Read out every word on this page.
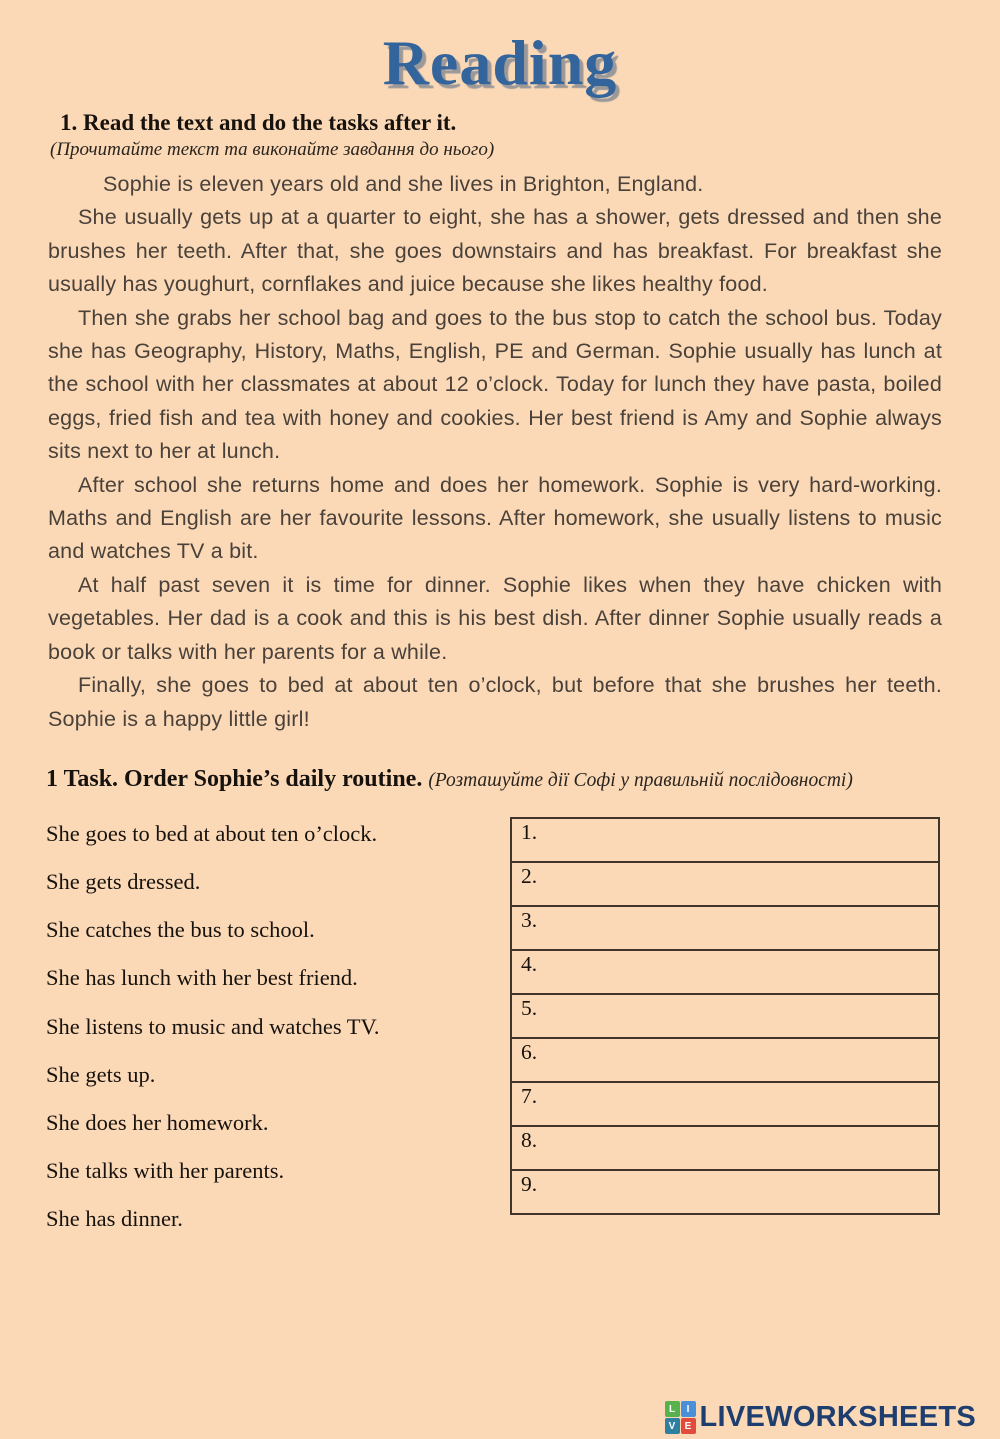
Reading
1. Read the text and do the tasks after it.
(Прочитайте текст та виконайте завдання до нього)

Sophie is eleven years old and she lives in Brighton, England.

She usually gets up at a quarter to eight, she has a shower, gets dressed and then she brushes her teeth. After that, she goes downstairs and has breakfast. For breakfast she usually has youghurt, cornflakes and juice because she likes healthy food.

Then she grabs her school bag and goes to the bus stop to catch the school bus. Today she has Geography, History, Maths, English, PE and German. Sophie usually has lunch at the school with her classmates at about 12 o’clock. Today for lunch they have pasta, boiled eggs, fried fish and tea with honey and cookies. Her best friend is Amy and Sophie always sits next to her at lunch.

After school she returns home and does her homework. Sophie is very hard-working. Maths and English are her favourite lessons. After homework, she usually listens to music and watches TV a bit.

At half past seven it is time for dinner. Sophie likes when they have chicken with vegetables. Her dad is a cook and this is his best dish. After dinner Sophie usually reads a book or talks with her parents for a while.

Finally, she goes to bed at about ten o’clock, but before that she brushes her teeth. Sophie is a happy little girl!

1 Task. Order Sophie’s daily routine. (Розташуйте дії Софі у правильній послідовності)
She goes to bed at about ten o’clock.
She gets dressed.
She catches the bus to school.
She has lunch with her best friend.
She listens to music and watches TV.
She gets up.
She does her homework.
She talks with her parents.
She has dinner.
1.
2.
3.
4.
5.
6.
7.
8.
9.
L	I
V E LIVEWORKSHEETS
